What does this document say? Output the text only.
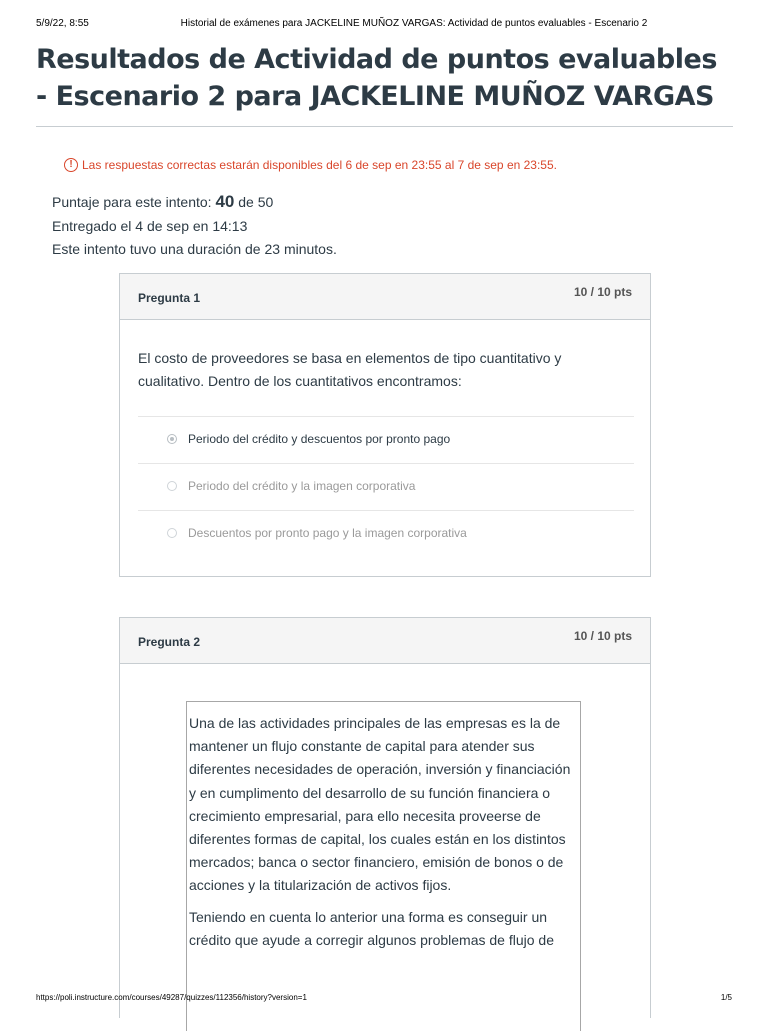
5/9/22, 8:55	Historial de exámenes para JACKELINE MUÑOZ VARGAS: Actividad de puntos evaluables - Escenario 2
Resultados de Actividad de puntos evaluables - Escenario 2 para JACKELINE MUÑOZ VARGAS
! Las respuestas correctas estarán disponibles del 6 de sep en 23:55 al 7 de sep en 23:55.
Puntaje para este intento: 40 de 50
Entregado el 4 de sep en 14:13
Este intento tuvo una duración de 23 minutos.
Pregunta 1	10 / 10 pts
El costo de proveedores se basa en elementos de tipo cuantitativo y cualitativo. Dentro de los cuantitativos encontramos:
Periodo del crédito y descuentos por pronto pago
Periodo del crédito y la imagen corporativa
Descuentos por pronto pago y la imagen corporativa
Pregunta 2	10 / 10 pts

Una de las actividades principales de las empresas es la de mantener un flujo constante de capital para atender sus diferentes necesidades de operación, inversión y financiación y en cumplimento del desarrollo de su función financiera o crecimiento empresarial, para ello necesita proveerse de diferentes formas de capital, los cuales están en los distintos mercados; banca o sector financiero, emisión de bonos o de acciones y la titularización de activos fijos.

Teniendo en cuenta lo anterior una forma es conseguir un crédito que ayude a corregir algunos problemas de flujo de

https://poli.instructure.com/courses/49287/quizzes/112356/history?version=1	1/5
